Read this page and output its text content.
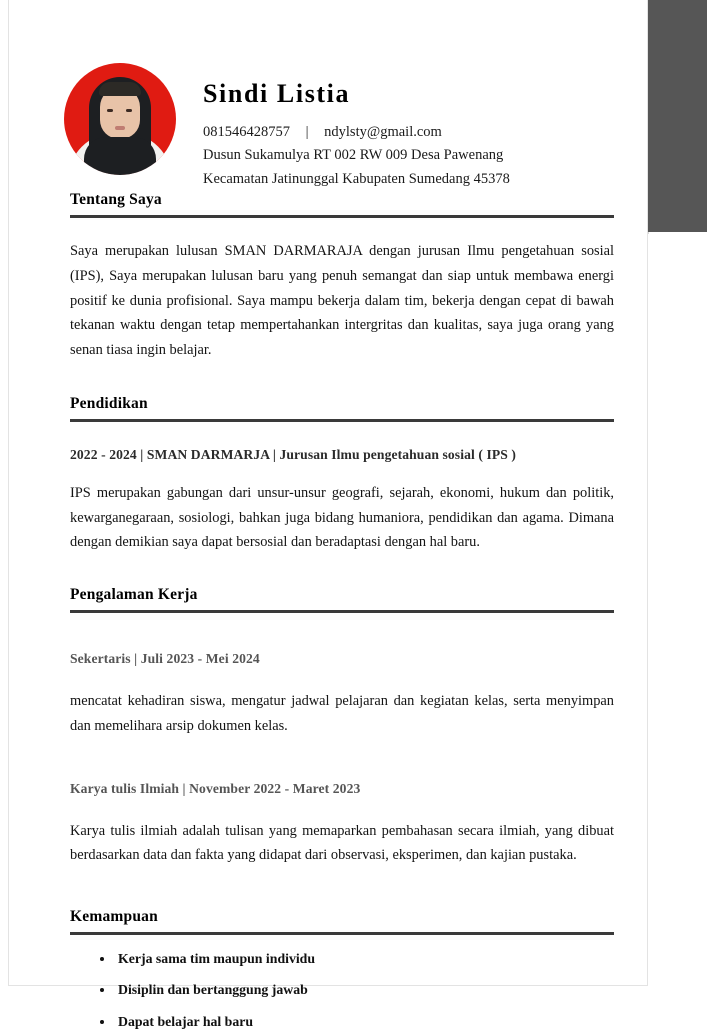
Sindi Listia
081546428757 | ndylsty@gmail.com
Dusun Sukamulya RT 002 RW 009 Desa Pawenang
Kecamatan Jatinunggal Kabupaten Sumedang 45378
Tentang Saya

Saya merupakan lulusan SMAN DARMARAJA dengan jurusan Ilmu pengetahuan sosial (IPS), Saya merupakan lulusan baru yang penuh semangat dan siap untuk membawa energi positif ke dunia profisional. Saya mampu bekerja dalam tim, bekerja dengan cepat di bawah tekanan waktu dengan tetap mempertahankan intergritas dan kualitas, saya juga orang yang senan tiasa ingin belajar.

Pendidikan

2022 - 2024 | SMAN DARMARJA | Jurusan Ilmu pengetahuan sosial ( IPS )

IPS merupakan gabungan dari unsur-unsur geografi, sejarah, ekonomi, hukum dan politik, kewarganegaraan, sosiologi, bahkan juga bidang humaniora, pendidikan dan agama. Dimana dengan demikian saya dapat bersosial dan beradaptasi dengan hal baru.

Pengalaman Kerja

Sekertaris | Juli 2023 - Mei 2024

mencatat kehadiran siswa, mengatur jadwal pelajaran dan kegiatan kelas, serta menyimpan dan memelihara arsip dokumen kelas.

Karya tulis Ilmiah | November 2022 - Maret 2023

Karya tulis ilmiah adalah tulisan yang memaparkan pembahasan secara ilmiah, yang dibuat berdasarkan data dan fakta yang didapat dari observasi, eksperimen, dan kajian pustaka.

Kemampuan
Kerja sama tim maupun individu
Disiplin dan bertanggung jawab
Dapat belajar hal baru
